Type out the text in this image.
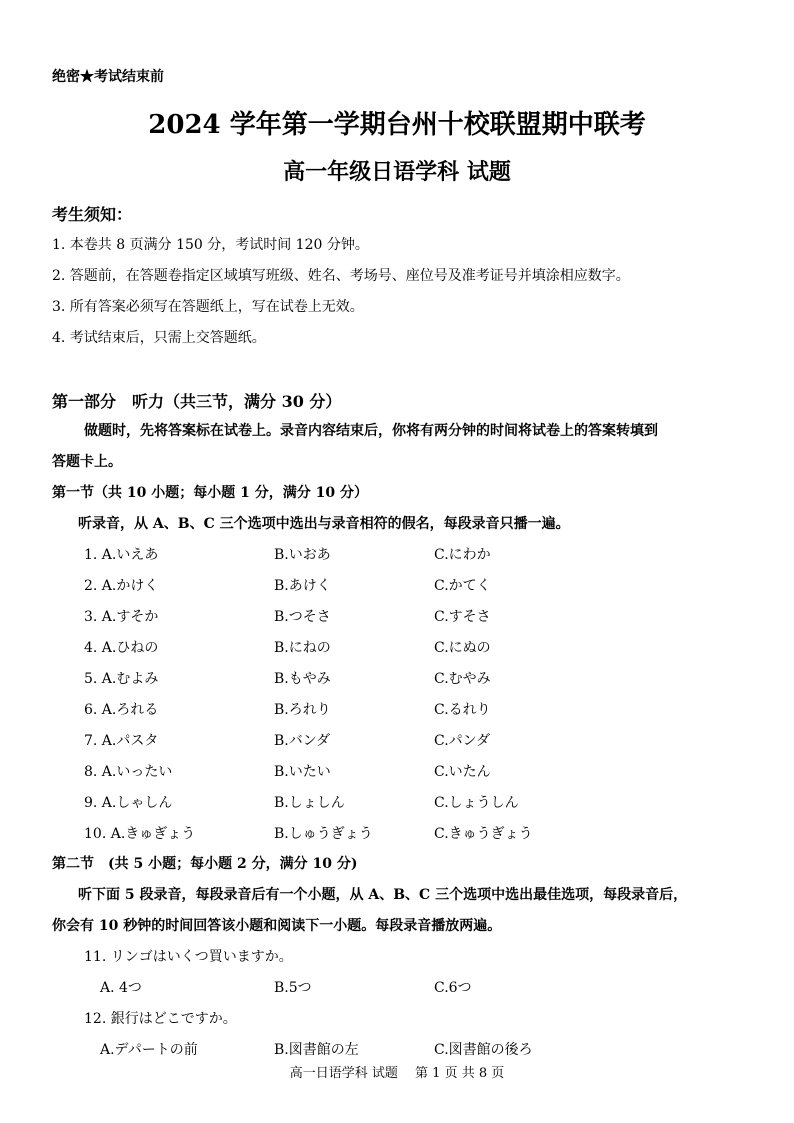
绝密★考试结束前
2024 学年第一学期台州十校联盟期中联考
高一年级日语学科 试题
考生须知：
1. 本卷共 8 页满分 150 分，考试时间 120 分钟。
2. 答题前，在答题卷指定区域填写班级、姓名、考场号、座位号及准考证号并填涂相应数字。
3. 所有答案必须写在答题纸上，写在试卷上无效。
4. 考试结束后，只需上交答题纸。
第一部分　听力（共三节，满分 30 分）
做题时，先将答案标在试卷上。录音内容结束后，你将有两分钟的时间将试卷上的答案转填到
答题卡上。
第一节（共 10 小题；每小题 1 分，满分 10 分）
听录音，从 A、B、C 三个选项中选出与录音相符的假名，每段录音只播一遍。
1. A.いえあ	B.いおあ	C.にわか
2. A.かけく	B.あけく	C.かてく
3. A.すそか	B.つそさ	C.すそさ
4. A.ひねの	B.にねの	C.にぬの
5. A.むよみ	B.もやみ	C.むやみ
6. A.ろれる	B.ろれり	C.るれり
7. A.パスタ	B.バンダ	C.パンダ
8. A.いったい	B.いたい	C.いたん
9. A.しゃしん	B.しょしん	C.しょうしん
10. A.きゅぎょう	B.しゅうぎょう	C.きゅうぎょう
第二节　(共 5 小题；每小题 2 分，满分 10 分)
听下面 5 段录音，每段录音后有一个小题，从 A、B、C 三个选项中选出最佳选项，每段录音后，
你会有 10 秒钟的时间回答该小题和阅读下一小题。每段录音播放两遍。
11. リンゴはいくつ買いますか。
A. 4つ	B.5つ	C.6つ
12. 銀行はどこですか。
A.デパートの前	B.図書館の左	C.図書館の後ろ
高一日语学科 试题　 第 1 页 共 8 页
